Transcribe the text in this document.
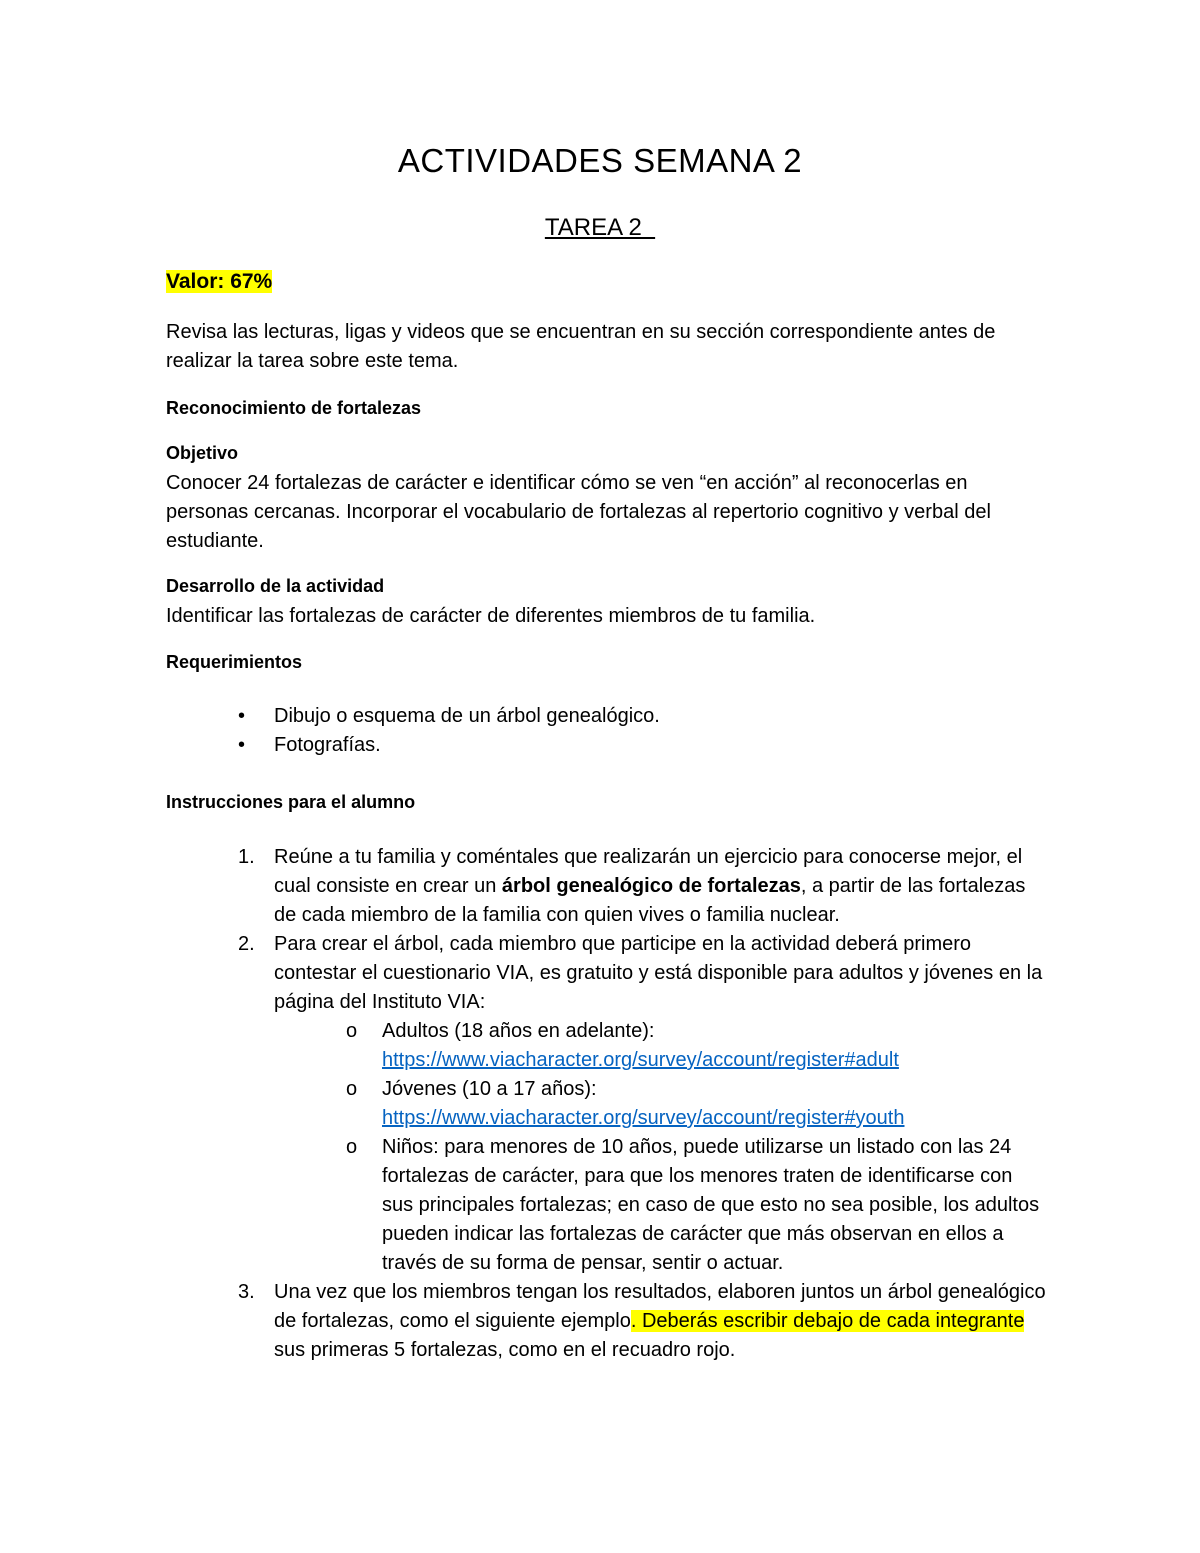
ACTIVIDADES SEMANA 2

TAREA 2

Valor: 67%

Revisa las lecturas, ligas y videos que se encuentran en su sección correspondiente antes de realizar la tarea sobre este tema.

Reconocimiento de fortalezas

Objetivo

Conocer 24 fortalezas de carácter e identificar cómo se ven “en acción” al reconocerlas en personas cercanas. Incorporar el vocabulario de fortalezas al repertorio cognitivo y verbal del estudiante.

Desarrollo de la actividad

Identificar las fortalezas de carácter de diferentes miembros de tu familia.

Requerimientos

• Dibujo o esquema de un árbol genealógico.
• Fotografías.

Instrucciones para el alumno

1. Reúne a tu familia y coméntales que realizarán un ejercicio para conocerse mejor, el cual consiste en crear un árbol genealógico de fortalezas, a partir de las fortalezas de cada miembro de la familia con quien vives o familia nuclear.
2. Para crear el árbol, cada miembro que participe en la actividad deberá primero contestar el cuestionario VIA, es gratuito y está disponible para adultos y jóvenes en la página del Instituto VIA:
o Adultos (18 años en adelante):
https://www.viacharacter.org/survey/account/register#adult
o Jóvenes (10 a 17 años):
https://www.viacharacter.org/survey/account/register#youth
o Niños: para menores de 10 años, puede utilizarse un listado con las 24 fortalezas de carácter, para que los menores traten de identificarse con sus principales fortalezas; en caso de que esto no sea posible, los adultos pueden indicar las fortalezas de carácter que más observan en ellos a través de su forma de pensar, sentir o actuar.
3. Una vez que los miembros tengan los resultados, elaboren juntos un árbol genealógico de fortalezas, como el siguiente ejemplo. Deberás escribir debajo de cada integrante sus primeras 5 fortalezas, como en el recuadro rojo.
